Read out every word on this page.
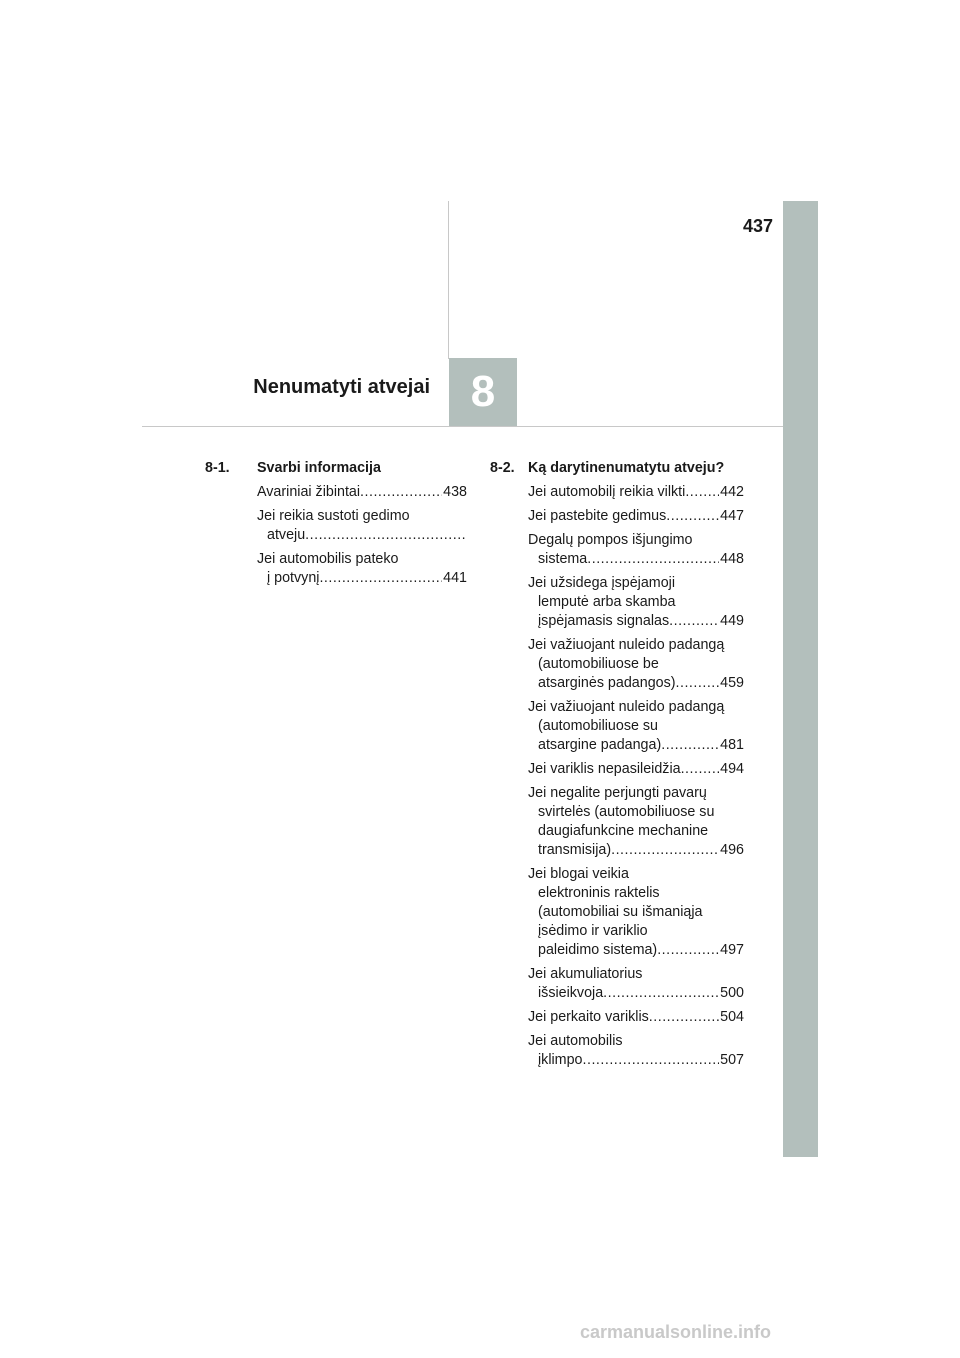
437
Nenumatyti atvejai 8
8-1.	Svarbi informacija
Avariniai žibintai .....	438
Jei reikia sustoti gedimo
atveju
.....
Jei automobilis pateko
į potvynį .....	441
8-2. Ką darytinenumatytu atveju?
Jei automobilį reikia vilkti ..... 442
Jei pastebite gedimus .....	447
Degalų pompos išjungimo
sistema .....	448
Jei užsidega įspėjamoji
lemputė arba skamba
įspėjamasis signalas .....	449
Jei važiuojant nuleido padangą
(automobiliuose be
atsarginės padangos) .....	459
Jei važiuojant nuleido padangą
(automobiliuose su
atsargine padanga) .....	481
Jei variklis nepasileidžia .....	494
Jei negalite perjungti pavarų
svirtelės (automobiliuose su
daugiafunkcine mechanine
transmisija) .....	496
Jei blogai veikia
elektroninis raktelis
(automobiliai su išmaniąja
įsėdimo ir variklio
paleidimo sistema) .....	497
Jei akumuliatorius
išsieikvoja .....	500
Jei perkaito variklis .....	504
Jei automobilis
įklimpo .....	507
carmanualsonline.info
